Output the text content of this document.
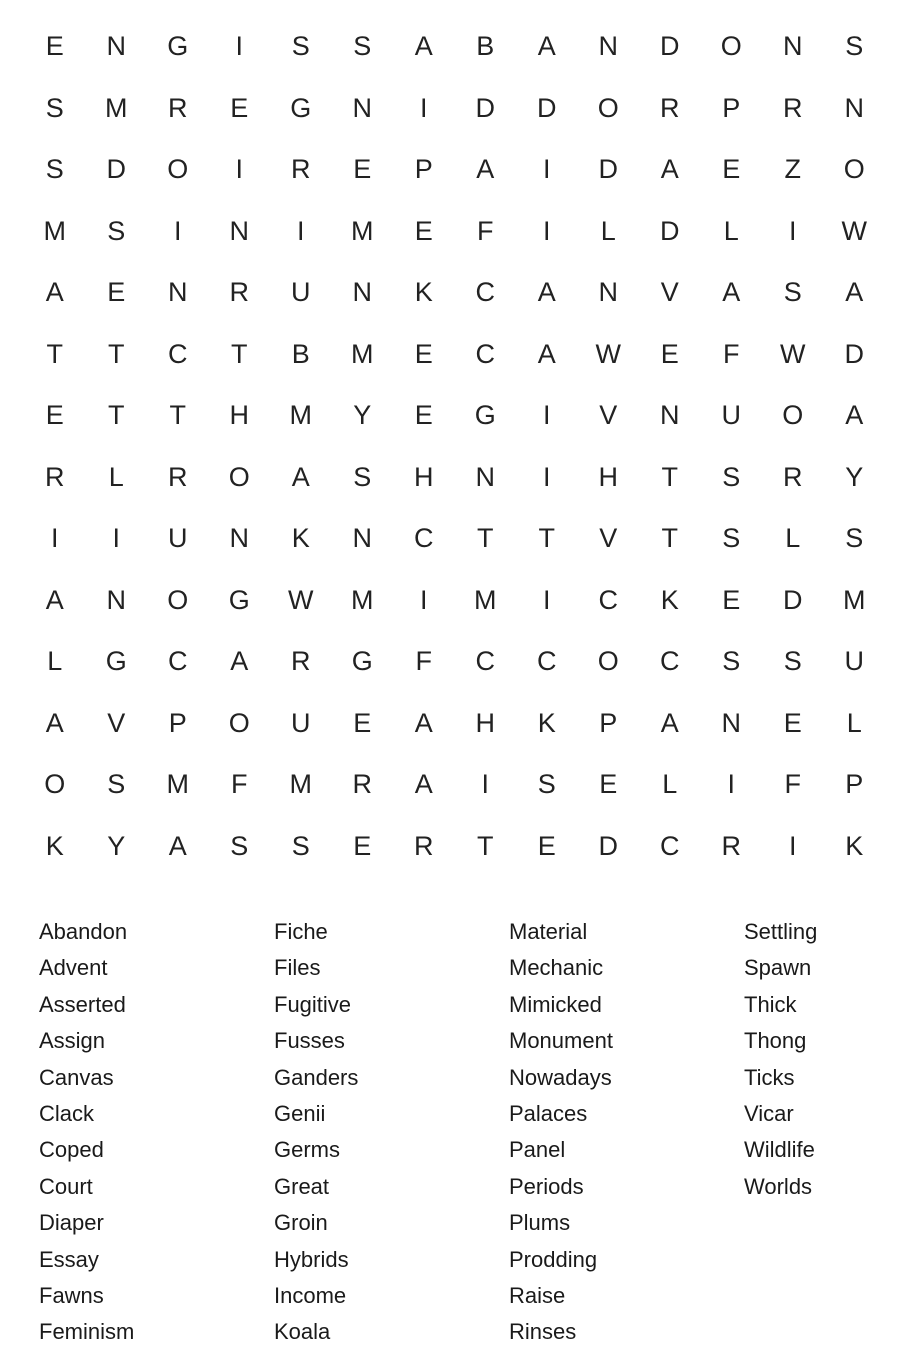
E	N	G	I	S	S	A	B	A	N	D	O	N	S
S	M	R	E	G	N	I	D	D	O	R	P	R	N
S	D	O	I	R	E	P	A	I	D	A	E	Z	O
M	S	I	N	I	M	E	F	I	L	D	L	I	W
A	E	N	R	U	N	K	C	A	N	V	A	S	A
T	T	C	T	B	M	E	C	A	W	E	F	W	D
E	T	T	H	M	Y	E	G	I	V	N	U	O	A
R	L	R	O	A	S	H	N	I	H	T	S	R	Y
I	I	U	N	K	N	C	T	T	V	T	S	L	S
A	N	O	G	W	M	I	M	I	C	K	E	D	M
L	G	C	A	R	G	F	C	C	O	C	S	S	U
A	V	P	O	U	E	A	H	K	P	A	N	E	L
O	S	M	F	M	R	A	I	S	E	L	I	F	P
K	Y	A	S	S	E	R	T	E	D	C	R	I	K
Abandon
Advent
Asserted
Assign
Canvas
Clack
Coped
Court
Diaper
Essay
Fawns
Feminism
Fiche
Files
Fugitive
Fusses
Ganders
Genii
Germs
Great
Groin
Hybrids
Income
Koala
Material
Mechanic
Mimicked
Monument
Nowadays
Palaces
Panel
Periods
Plums
Prodding
Raise
Rinses
Settling
Spawn
Thick
Thong
Ticks
Vicar
Wildlife
Worlds
